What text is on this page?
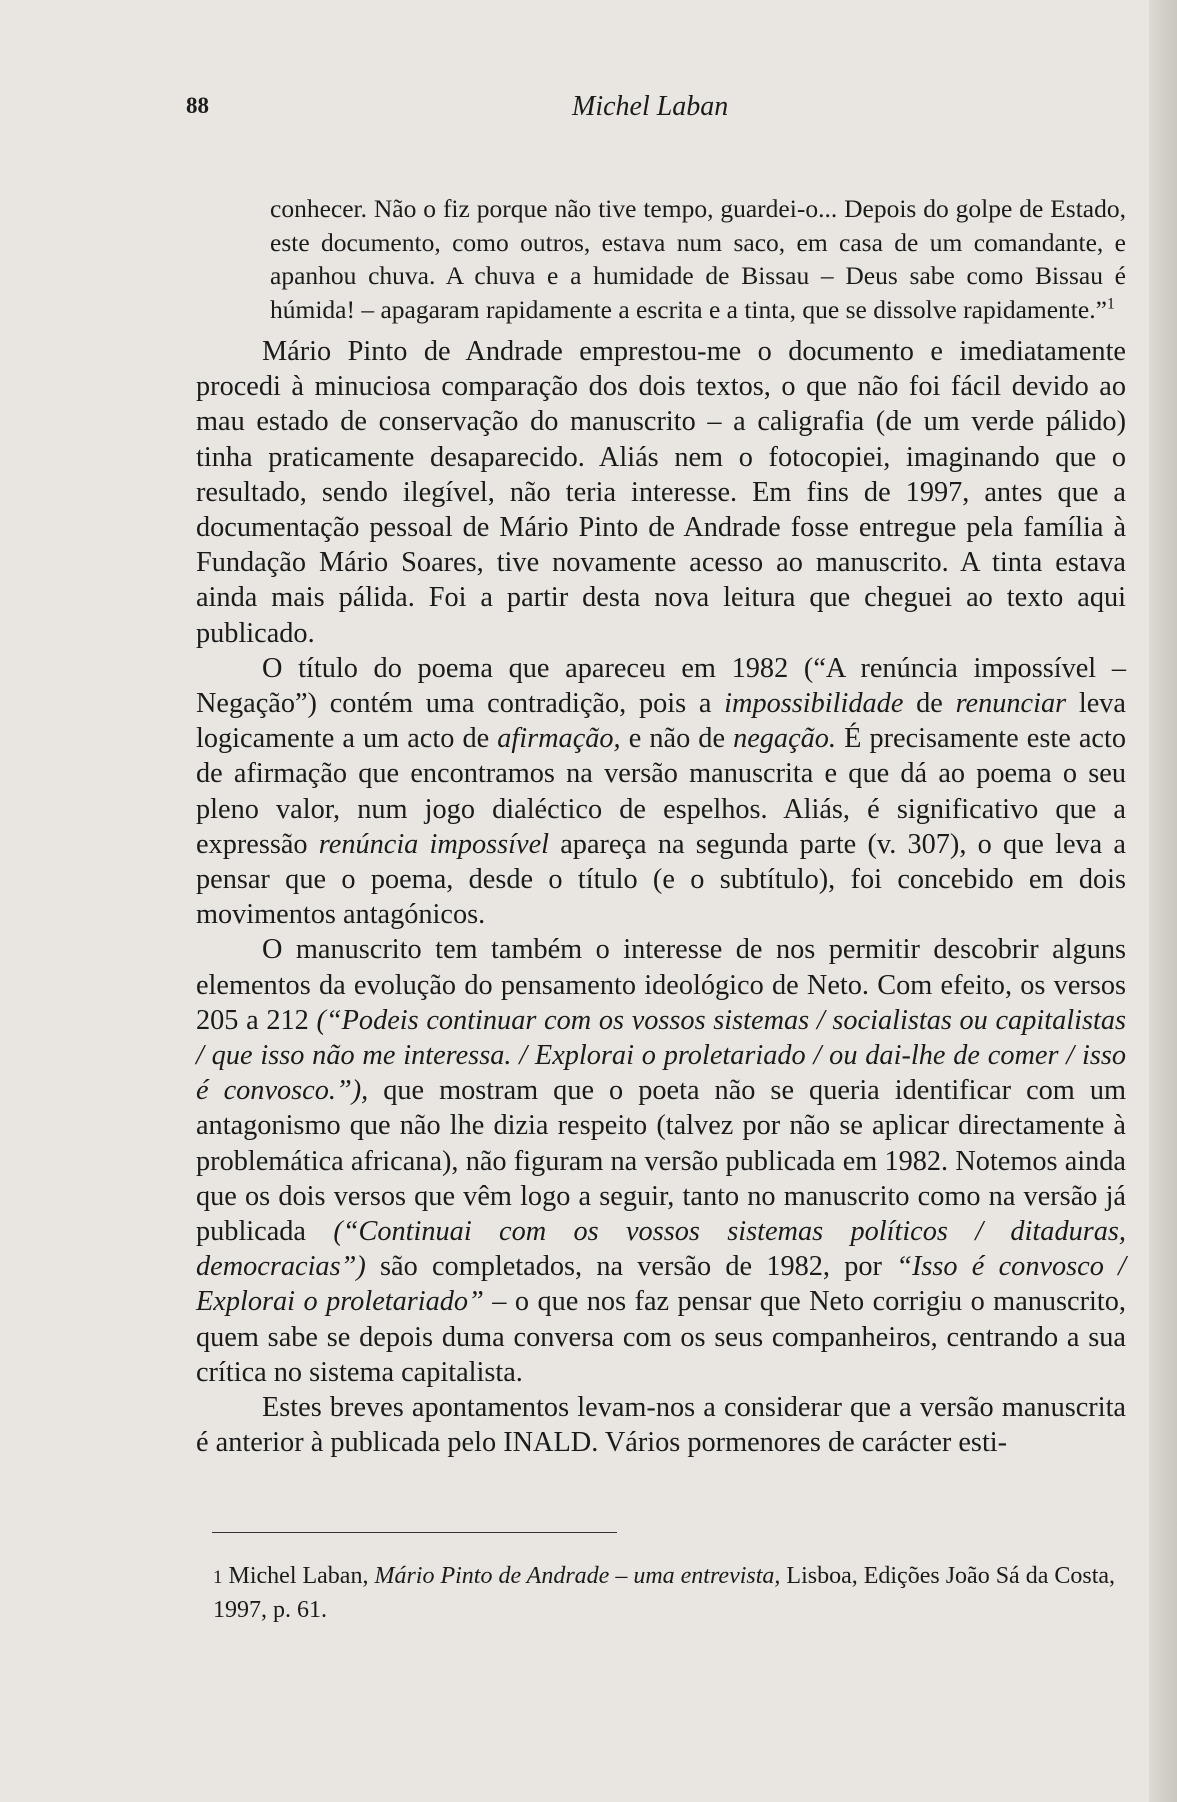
88	Michel Laban

conhecer. Não o fiz porque não tive tempo, guardei-o... Depois do golpe de Estado, este documento, como outros, estava num saco, em casa de um comandante, e apanhou chuva. A chuva e a humidade de Bissau – Deus sabe como Bissau é húmida! – apagaram rapidamente a escrita e a tinta, que se dissolve rapidamente.”$^1$

Mário Pinto de Andrade emprestou-me o documento e imediatamente procedi à minuciosa comparação dos dois textos, o que não foi fácil devido ao mau estado de conservação do manuscrito – a caligrafia (de um verde pálido) tinha praticamente desaparecido. Aliás nem o fotocopiei, imaginando que o resultado, sendo ilegível, não teria interesse. Em fins de 1997, antes que a documentação pessoal de Mário Pinto de Andrade fosse entregue pela família à Fundação Mário Soares, tive novamente acesso ao manuscrito. A tinta estava ainda mais pálida. Foi a partir desta nova leitura que cheguei ao texto aqui publicado.

O título do poema que apareceu em 1982 (“A renúncia impossível – Negação”) contém uma contradição, pois a impossibilidade de renunciar leva logicamente a um acto de afirmação, e não de negação. É precisamente este acto de afirmação que encontramos na versão manuscrita e que dá ao poema o seu pleno valor, num jogo dialéctico de espelhos. Aliás, é significativo que a expressão renúncia impossível apareça na segunda parte (v. 307), o que leva a pensar que o poema, desde o título (e o subtítulo), foi concebido em dois movimentos antagónicos.

O manuscrito tem também o interesse de nos permitir descobrir alguns elementos da evolução do pensamento ideológico de Neto. Com efeito, os versos 205 a 212 (“Podeis continuar com os vossos sistemas / socialistas ou capitalistas / que isso não me interessa. / Explorai o proletariado / ou dai-lhe de comer / isso é convosco.”), que mostram que o poeta não se queria identificar com um antagonismo que não lhe dizia respeito (talvez por não se aplicar directamente à problemática africana), não figuram na versão publicada em 1982. Notemos ainda que os dois versos que vêm logo a seguir, tanto no manuscrito como na versão já publicada (“Continuai com os vossos sistemas políticos / ditaduras, democracias”) são completados, na versão de 1982, por “Isso é convosco / Explorai o proletariado” – o que nos faz pensar que Neto corrigiu o manuscrito, quem sabe se depois duma conversa com os seus companheiros, centrando a sua crítica no sistema capitalista.

Estes breves apontamentos levam-nos a considerar que a versão manuscrita é anterior à publicada pelo INALD. Vários pormenores de carácter esti-

1 Michel Laban, Mário Pinto de Andrade – uma entrevista, Lisboa, Edições João Sá da Costa, 1997, p. 61.
